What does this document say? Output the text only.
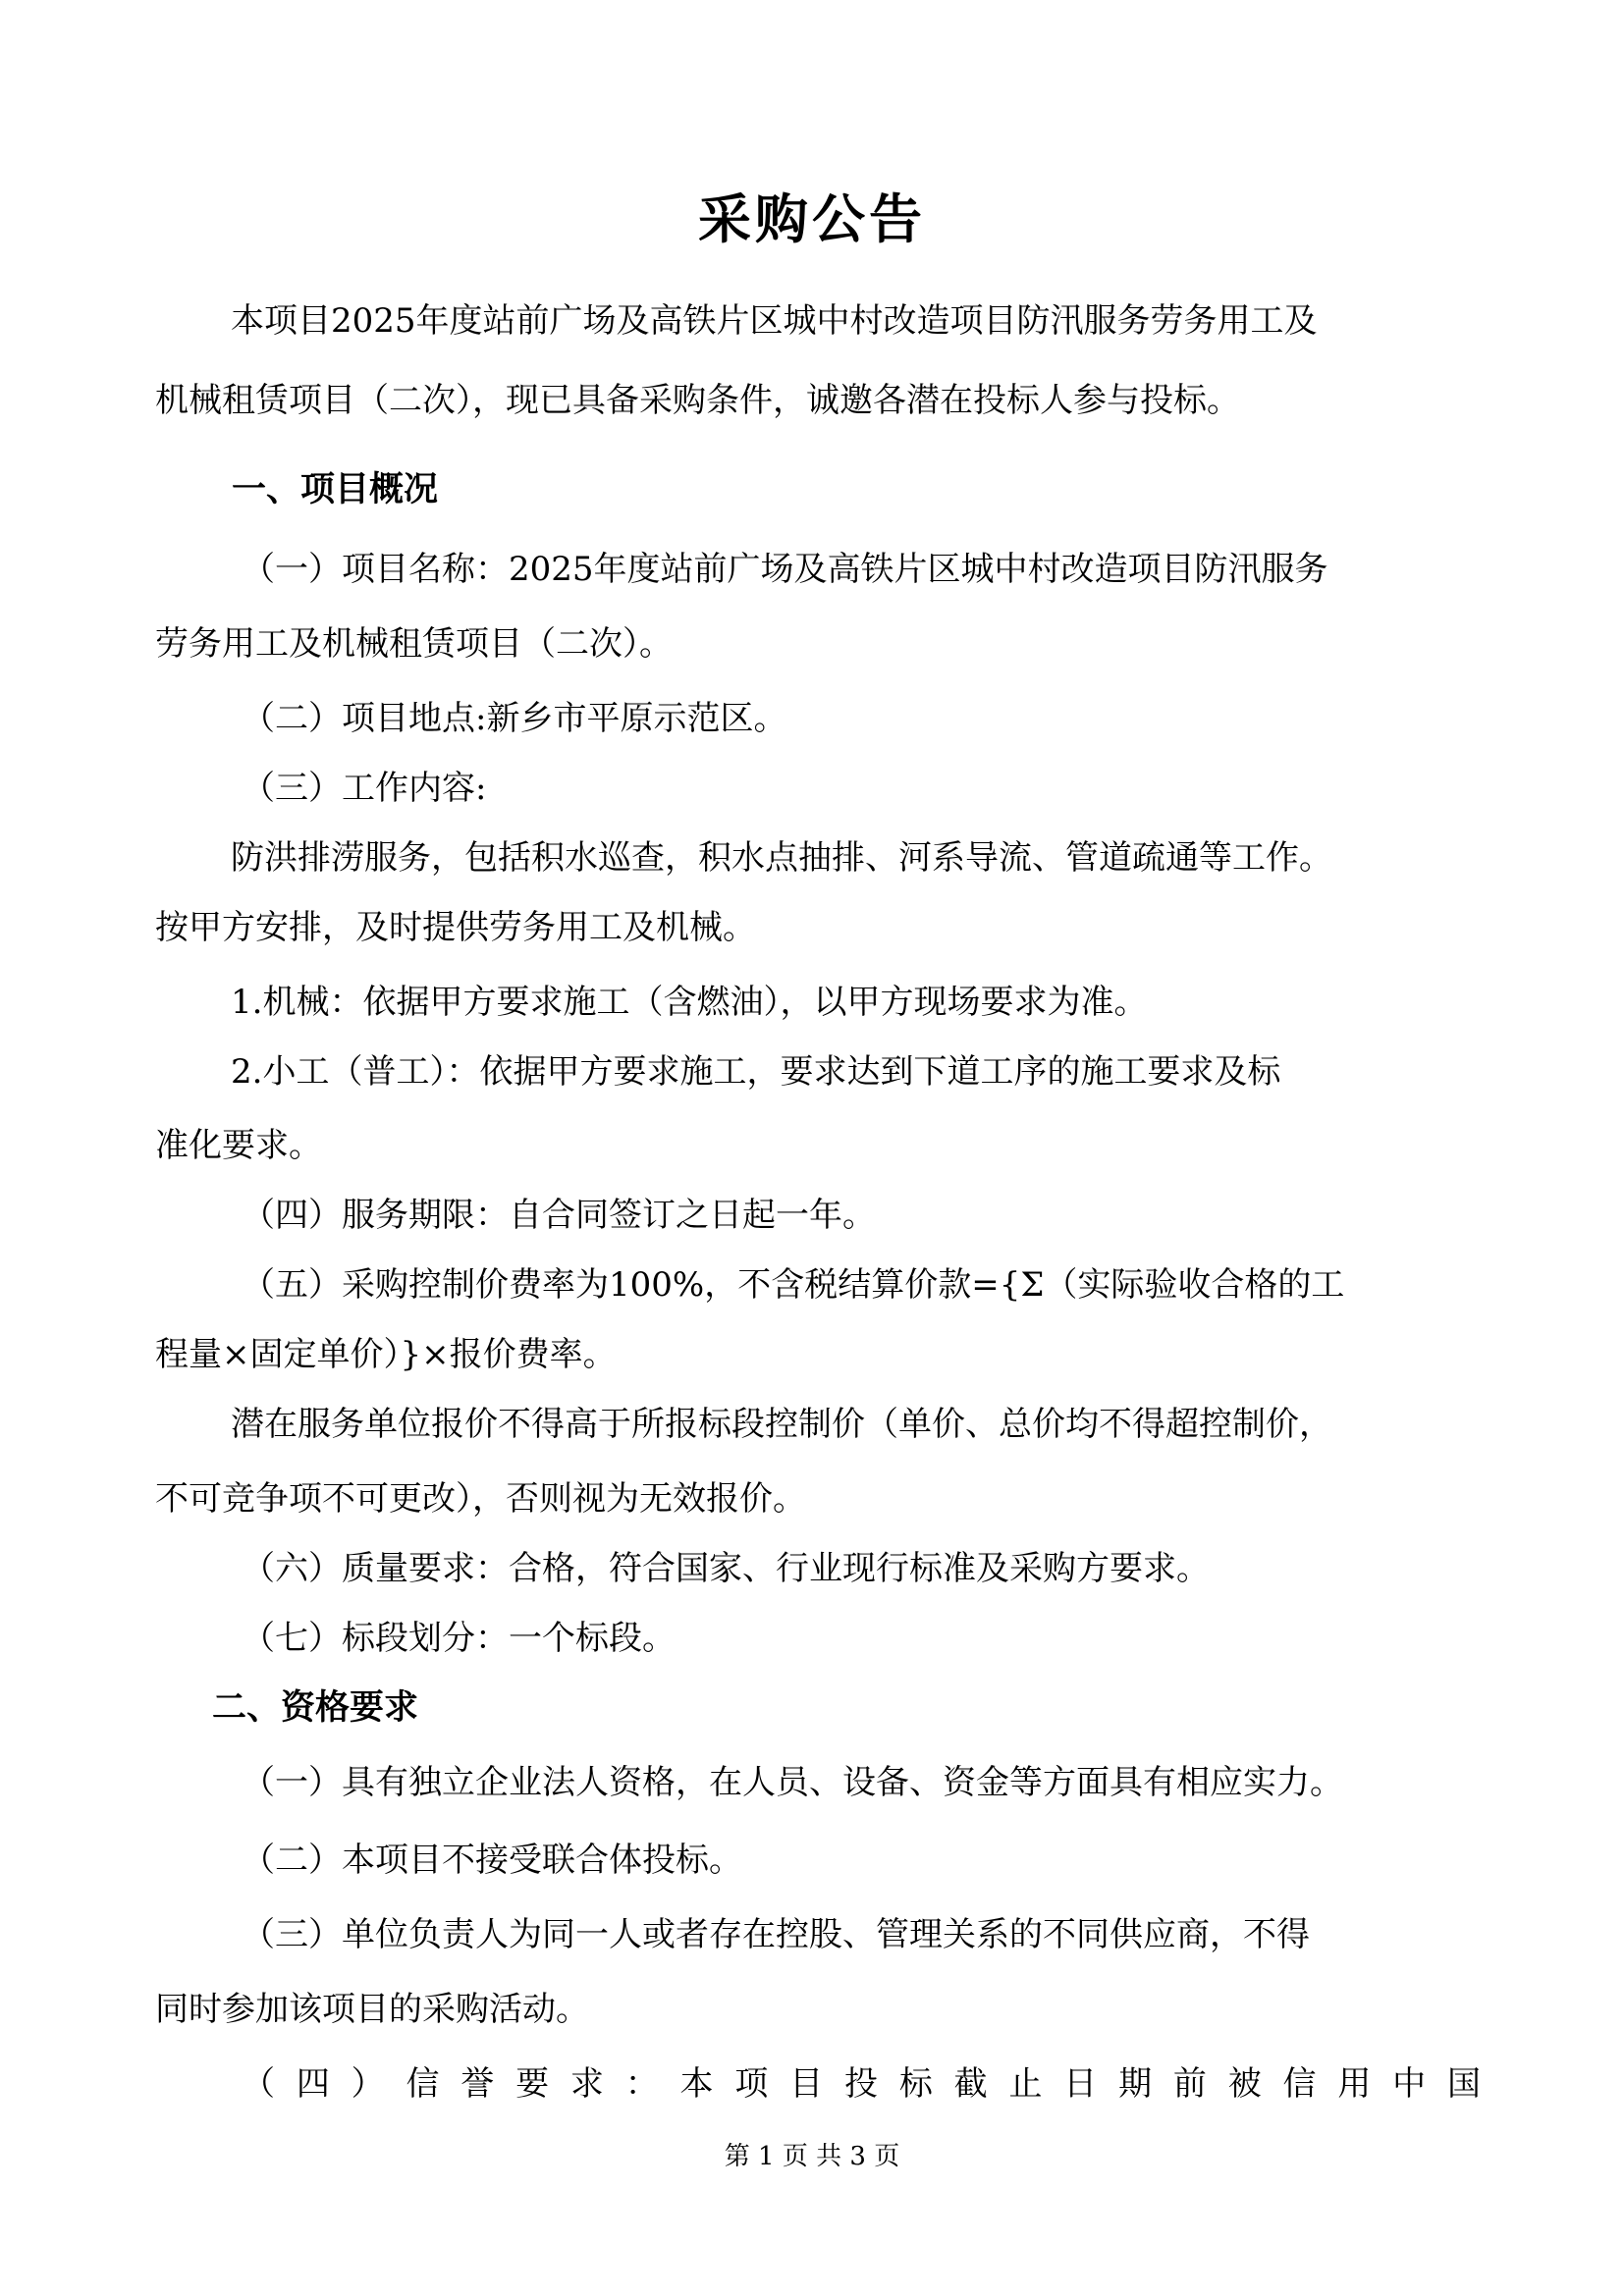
采购公告
本项目2025年度站前广场及高铁片区城中村改造项目防汛服务劳务用工及
机械租赁项目（二次），现已具备采购条件，诚邀各潜在投标人参与投标。
一、项目概况
（一）项目名称：2025年度站前广场及高铁片区城中村改造项目防汛服务
劳务用工及机械租赁项目（二次）。
（二）项目地点:新乡市平原示范区。
（三）工作内容:
防洪排涝服务，包括积水巡查，积水点抽排、河系导流、管道疏通等工作。
按甲方安排，及时提供劳务用工及机械。
1.机械：依据甲方要求施工（含燃油），以甲方现场要求为准。
2.小工（普工）：依据甲方要求施工，要求达到下道工序的施工要求及标
准化要求。
（四）服务期限：自合同签订之日起一年。
（五）采购控制价费率为100%，不含税结算价款={Σ（实际验收合格的工
程量×固定单价）}×报价费率。
潜在服务单位报价不得高于所报标段控制价（单价、总价均不得超控制价，
不可竞争项不可更改），否则视为无效报价。
（六）质量要求：合格，符合国家、行业现行标准及采购方要求。
（七）标段划分：一个标段。
二、资格要求
（一）具有独立企业法人资格，在人员、设备、资金等方面具有相应实力。
（二）本项目不接受联合体投标。
（三）单位负责人为同一人或者存在控股、管理关系的不同供应商，不得
同时参加该项目的采购活动。
（四）信誉要求：本项目投标截止日期前被信用中国
第 1 页 共 3 页
